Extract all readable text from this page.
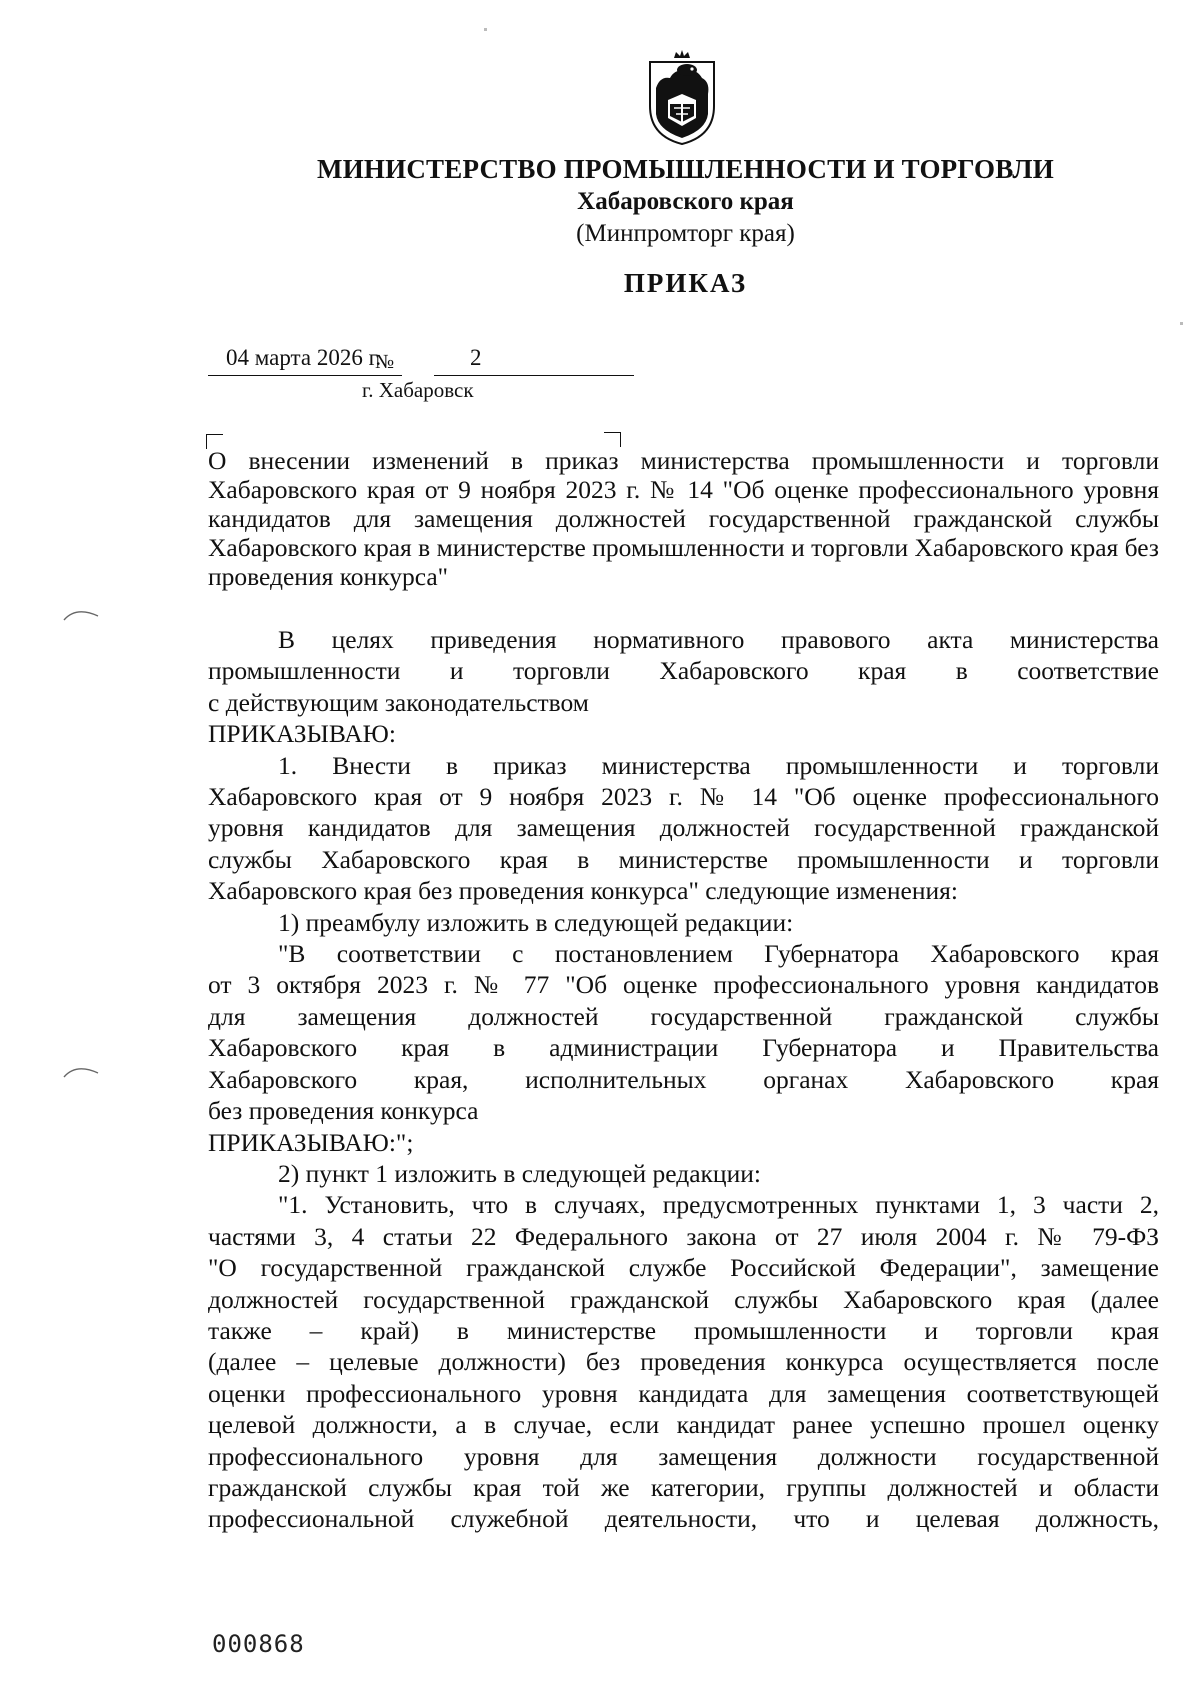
МИНИСТЕРСТВО ПРОМЫШЛЕННОСТИ И ТОРГОВЛИ
Хабаровского края
(Минпромторг края)
ПРИКАЗ
04 марта 2026 г.
№	2
г. Хабаровск
О внесении изменений в приказ министерства промышленности и торговли Хабаровского края от 9 ноября 2023 г. № 14 "Об оценке профессионального уровня кандидатов для замещения должностей государственной гражданской службы Хабаровского края в министерстве промышленности и торговли Хабаровского края без проведения конкурса"

В целях приведения нормативного правового акта министерства

промышленности и торговли Хабаровского края в соответствие

с действующим законодательством

ПРИКАЗЫВАЮ:

1. Внести в приказ министерства промышленности и торговли

Хабаровского края от 9 ноября 2023 г. № 14 "Об оценке профессионального

уровня кандидатов для замещения должностей государственной гражданской

службы Хабаровского края в министерстве промышленности и торговли

Хабаровского края без проведения конкурса" следующие изменения:

1) преамбулу изложить в следующей редакции:

"В соответствии с постановлением Губернатора Хабаровского края

от 3 октября 2023 г. № 77 "Об оценке профессионального уровня кандидатов

для замещения должностей государственной гражданской службы

Хабаровского края в администрации Губернатора и Правительства

Хабаровского края, исполнительных органах Хабаровского края

без проведения конкурса

ПРИКАЗЫВАЮ:";

2) пункт 1 изложить в следующей редакции:

"1. Установить, что в случаях, предусмотренных пунктами 1, 3 части 2,

частями 3, 4 статьи 22 Федерального закона от 27 июля 2004 г. № 79-ФЗ

"О государственной гражданской службе Российской Федерации", замещение

должностей государственной гражданской службы Хабаровского края (далее

также – край) в министерстве промышленности и торговли края

(далее – целевые должности) без проведения конкурса осуществляется после

оценки профессионального уровня кандидата для замещения соответствующей

целевой должности, а в случае, если кандидат ранее успешно прошел оценку

профессионального уровня для замещения должности государственной

гражданской службы края той же категории, группы должностей и области

профессиональной служебной деятельности, что и целевая должность,

000868
